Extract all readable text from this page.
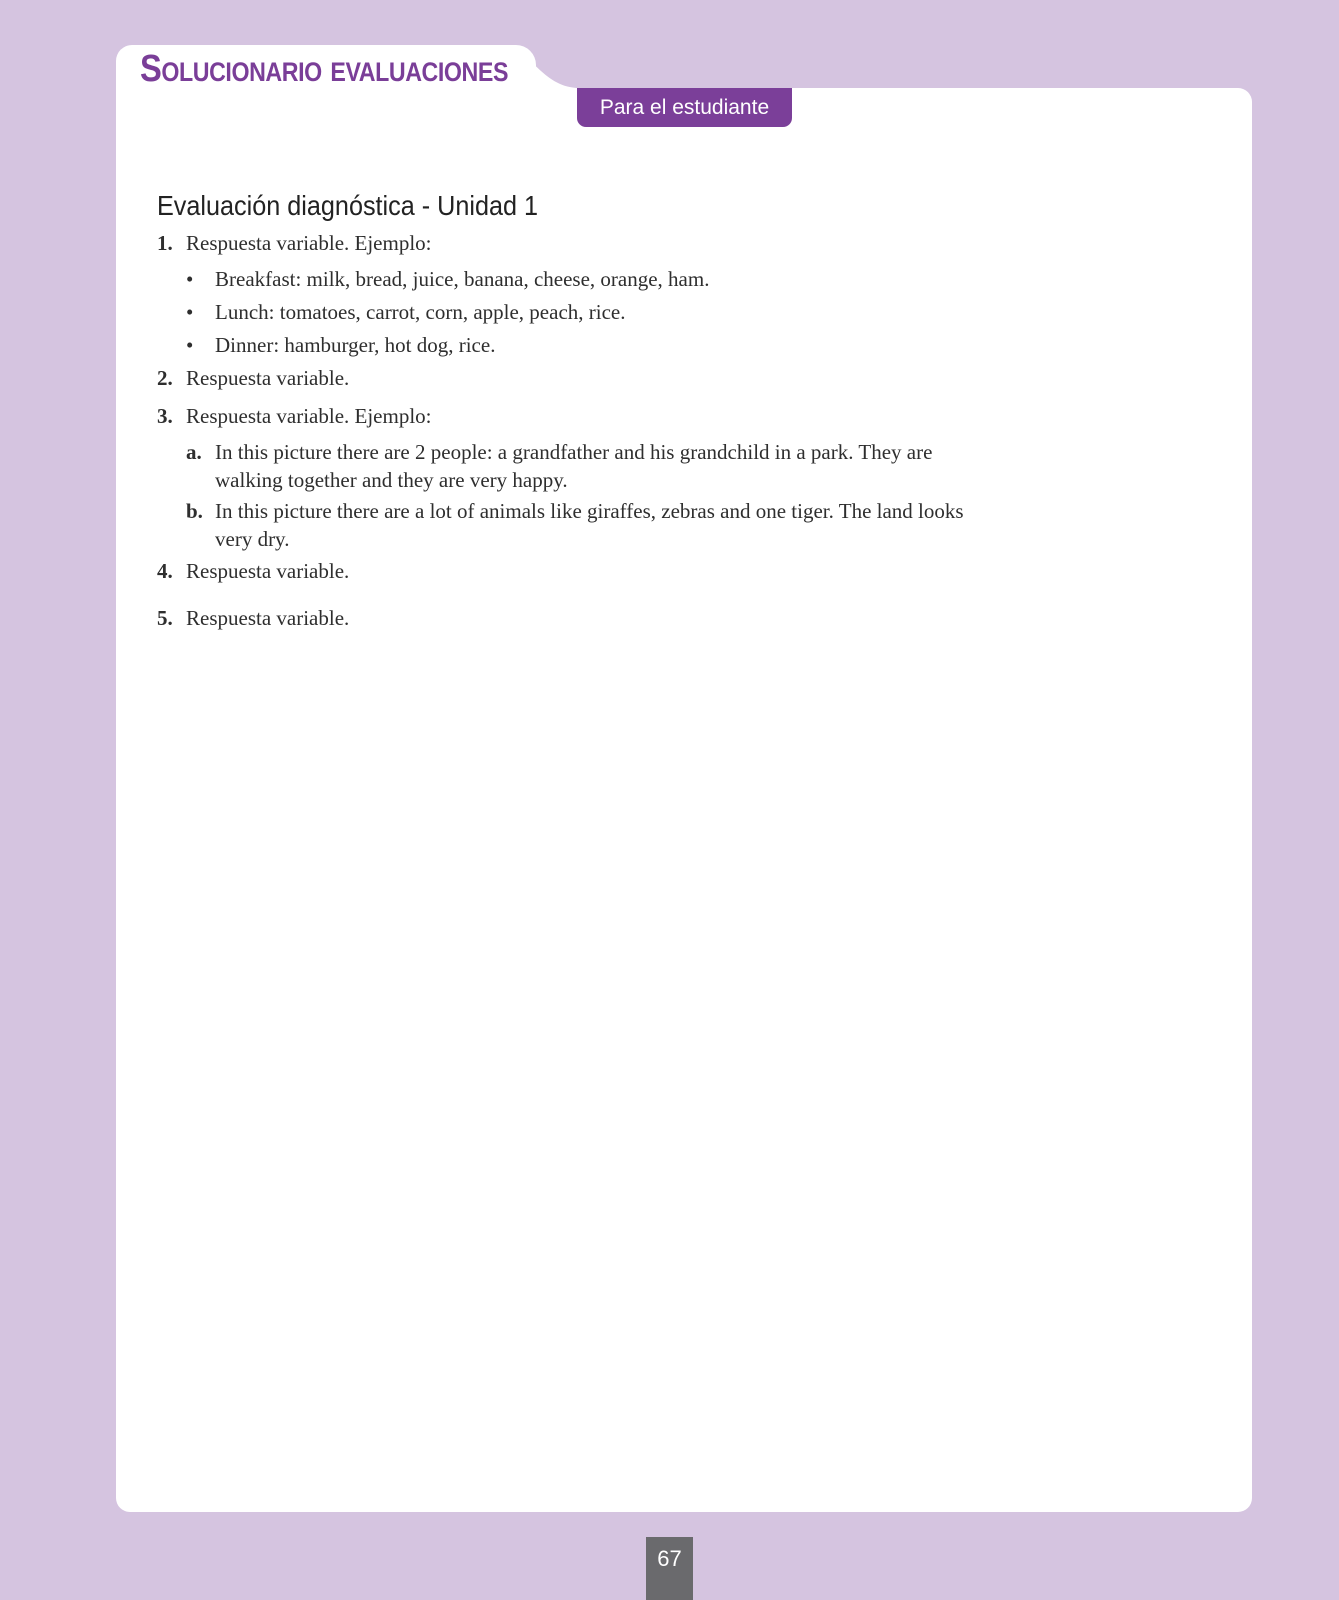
Solucionario evaluaciones
Para el estudiante
Evaluación diagnóstica - Unidad 1
1. Respuesta variable. Ejemplo:
• Breakfast: milk, bread, juice, banana, cheese, orange, ham.
• Lunch: tomatoes, carrot, corn, apple, peach, rice.
• Dinner: hamburger, hot dog, rice.
2. Respuesta variable.
3. Respuesta variable. Ejemplo:
a. In this picture there are 2 people: a grandfather and his grandchild in a park. They are walking together and they are very happy.
b. In this picture there are a lot of animals like giraffes, zebras and one tiger. The land looks very dry.
4. Respuesta variable.
5. Respuesta variable.
67
